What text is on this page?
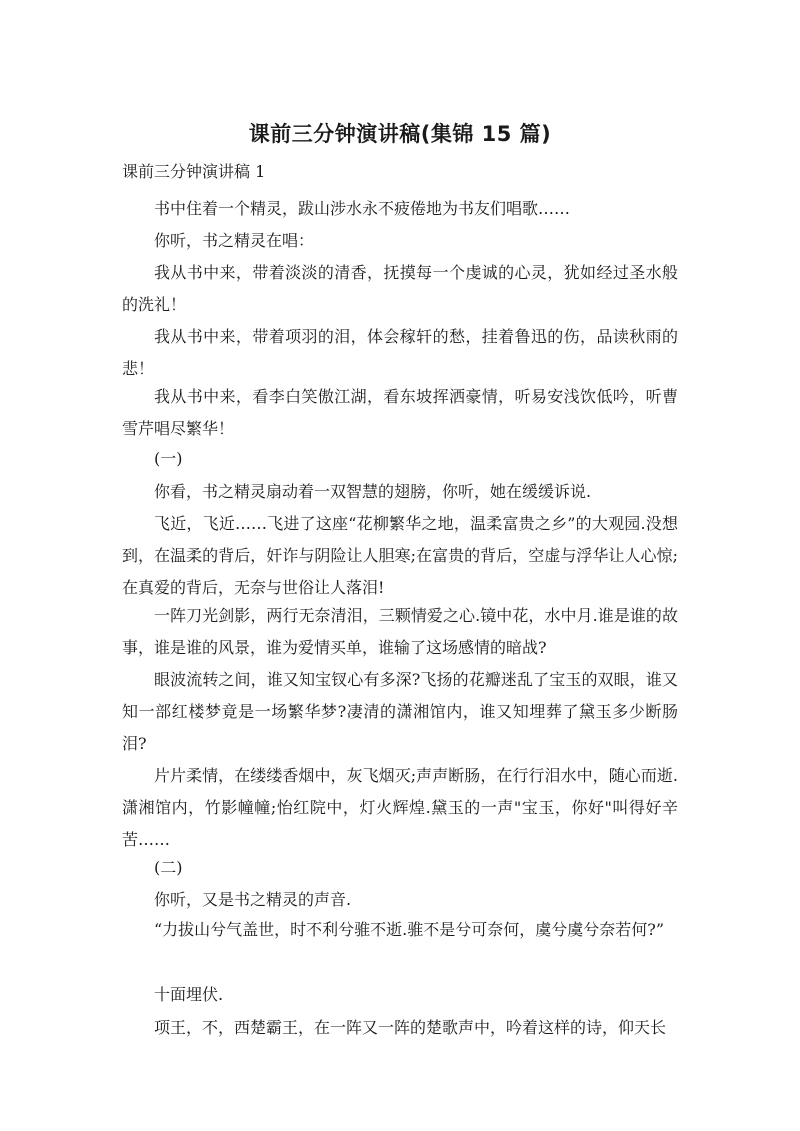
课前三分钟演讲稿(集锦 15 篇)
课前三分钟演讲稿 1
书中住着一个精灵，跋山涉水永不疲倦地为书友们唱歌……
你听，书之精灵在唱：
我从书中来，带着淡淡的清香，抚摸每一个虔诚的心灵，犹如经过圣水般的洗礼！
我从书中来，带着项羽的泪，体会稼轩的愁，挂着鲁迅的伤，品读秋雨的悲！
我从书中来，看李白笑傲江湖，看东坡挥洒豪情，听易安浅饮低吟，听曹雪芹唱尽繁华！
(一)
你看，书之精灵扇动着一双智慧的翅膀，你听，她在缓缓诉说.
飞近，飞近……飞进了这座“花柳繁华之地，温柔富贵之乡”的大观园.没想到，在温柔的背后，奸诈与阴险让人胆寒;在富贵的背后，空虚与浮华让人心惊;在真爱的背后，无奈与世俗让人落泪!
一阵刀光剑影，两行无奈清泪，三颗情爱之心.镜中花，水中月.谁是谁的故事，谁是谁的风景，谁为爱情买单，谁输了这场感情的暗战?
眼波流转之间，谁又知宝钗心有多深?飞扬的花瓣迷乱了宝玉的双眼，谁又知一部红楼梦竟是一场繁华梦?凄清的潇湘馆内，谁又知埋葬了黛玉多少断肠泪?
片片柔情，在缕缕香烟中，灰飞烟灭;声声断肠，在行行泪水中，随心而逝.潇湘馆内，竹影幢幢;怡红院中，灯火辉煌.黛玉的一声"宝玉，你好"叫得好辛苦……
(二)
你听，又是书之精灵的声音.
“力拔山兮气盖世，时不利兮骓不逝.骓不是兮可奈何，虞兮虞兮奈若何?”
十面埋伏.
项王，不，西楚霸王，在一阵又一阵的楚歌声中，吟着这样的诗，仰天长
